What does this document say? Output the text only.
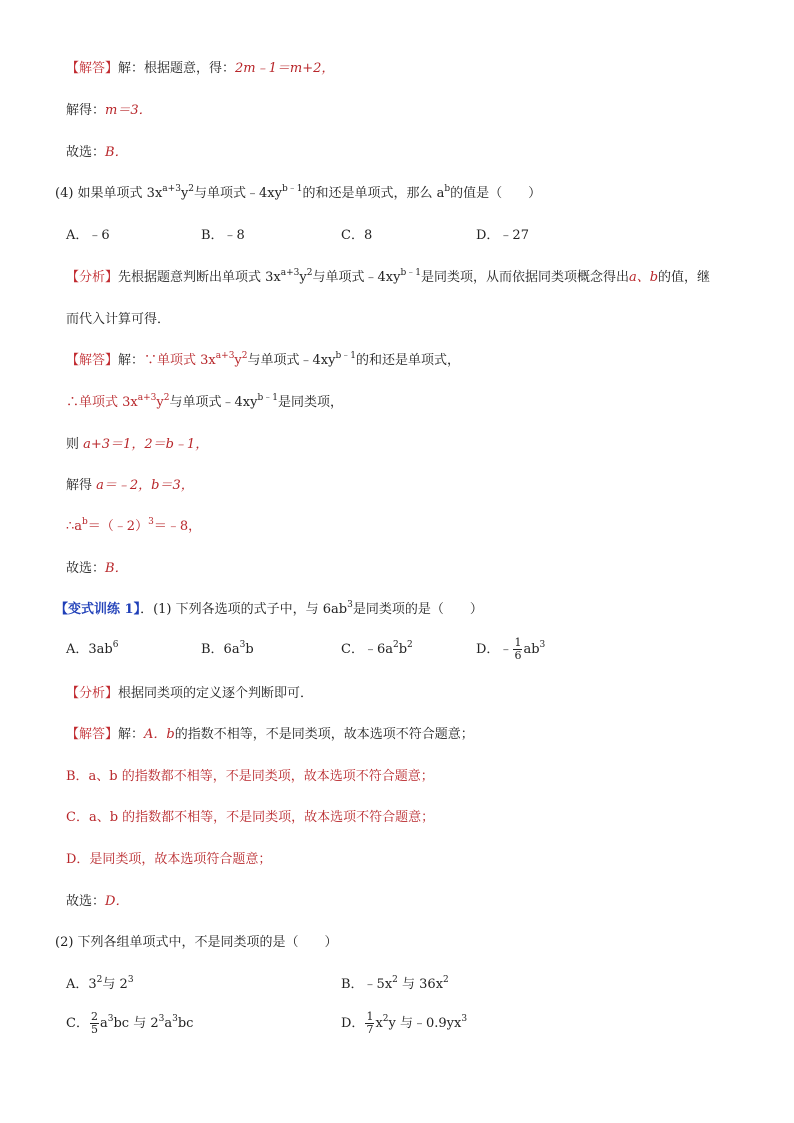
【解答】解：根据题意，得：2m﹣1＝m+2，
解得：m＝3．
故选：B．
(4) 如果单项式 $3x^{a+3}y^2$与单项式$﹣4xy^{b﹣1}$的和还是单项式，那么 $a^b$的值是（　　）
A．﹣6	B．﹣8	C．8	D．﹣27
【分析】先根据题意判断出单项式 $3x^{a+3}y^2$与单项式$﹣4xy^{b﹣1}$是同类项，从而依据同类项概念得出a、b的值，继
而代入计算可得．
【解答】解：∵单项式 $3x^{a+3}y^2$与单项式$﹣4xy^{b﹣1}$的和还是单项式，
∴单项式 $3x^{a+3}y^2$与单项式$﹣4xy^{b﹣1}$是同类项，
则 a+3＝1，2＝b﹣1，
解得 a＝﹣2，b＝3，
$\therefore a^b=(﹣2)^3=﹣8$，
故选：B．
【变式训练 1】．(1) 下列各选项的式子中，与 $6ab^3$是同类项的是（　　）
A．$3ab^6$	B．$6a^3b$	C．$﹣6a^2b^2$	D．﹣ $\frac{1}{6} ab^3$
【分析】根据同类项的定义逐个判断即可．
【解答】解：A．b的指数不相等，不是同类项，故本选项不符合题意；
B．a、b 的指数都不相等，不是同类项，故本选项不符合题意；
C．a、b 的指数都不相等，不是同类项，故本选项不符合题意；
D．是同类项，故本选项符合题意；
故选：D．
(2) 下列各组单项式中，不是同类项的是（　　）
A．$3^2$与 $2^3$	B．$﹣5x^2$ 与 $36x^2$
C． $\frac{2}{5} a^3bc$ 与 $2^3a^3bc$	D． $\frac{1}{7} x^2y$ 与$﹣0.9yx^3$
